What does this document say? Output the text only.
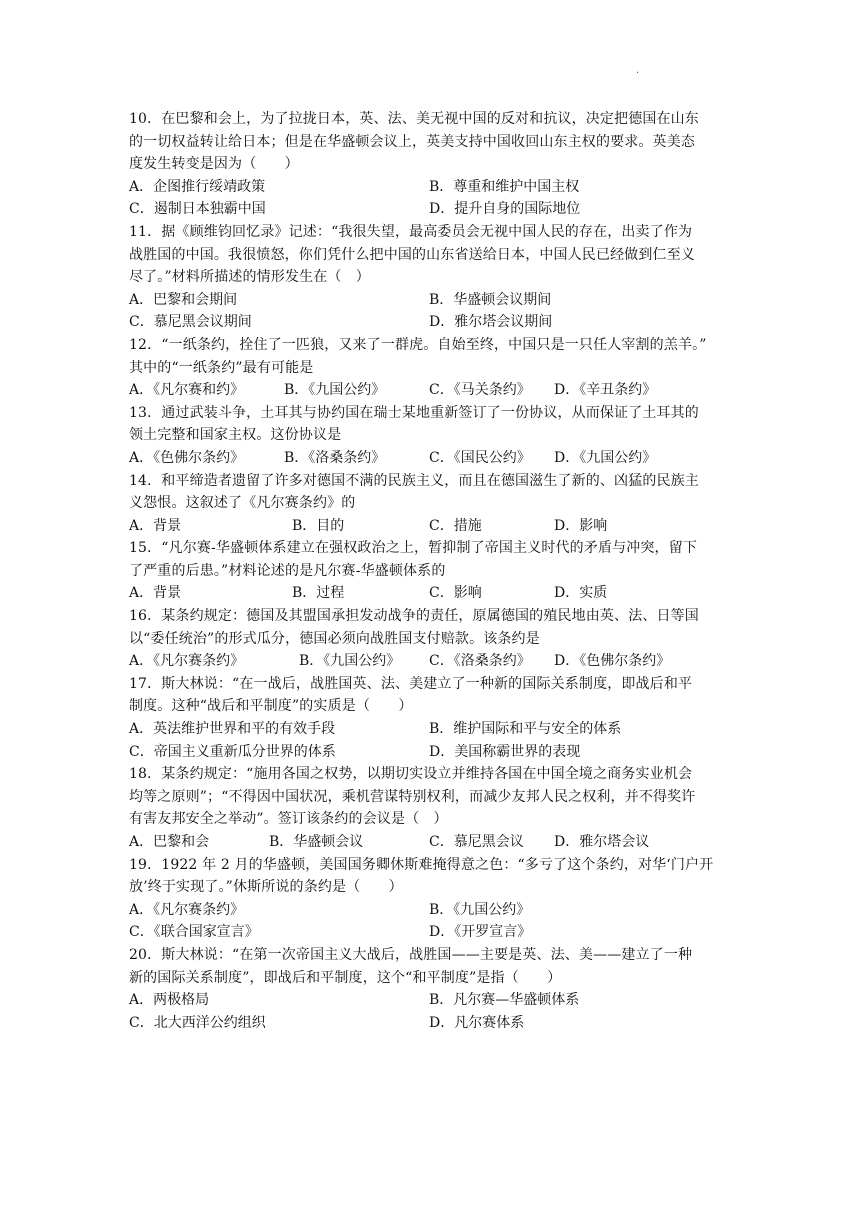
·
10．在巴黎和会上，为了拉拢日本，英、法、美无视中国的反对和抗议，决定把德国在山东
的一切权益转让给日本；但是在华盛顿会议上，英美支持中国收回山东主权的要求。英美态
度发生转变是因为（　　）
A．企图推行绥靖政策	B．尊重和维护中国主权
C．遏制日本独霸中国	D．提升自身的国际地位
11．据《顾维钧回忆录》记述：“我很失望，最高委员会无视中国人民的存在，出卖了作为
战胜国的中国。我很愤怒，你们凭什么把中国的山东省送给日本，中国人民已经做到仁至义
尽了。”材料所描述的情形发生在（　）
A．巴黎和会期间	B．华盛顿会议期间
C．慕尼黑会议期间	D．雅尔塔会议期间
12．“一纸条约，拴住了一匹狼，又来了一群虎。自始至终，中国只是一只任人宰割的羔羊。”
其中的“一纸条约”最有可能是
A．《凡尔赛和约》	B．《九国公约》	C．《马关条约》	D．《辛丑条约》
13．通过武装斗争，土耳其与协约国在瑞士某地重新签订了一份协议，从而保证了土耳其的
领土完整和国家主权。这份协议是
A．《色佛尔条约》	B．《洛桑条约》	C．《国民公约》	D．《九国公约》
14．和平缔造者遗留了许多对德国不满的民族主义，而且在德国滋生了新的、凶猛的民族主
义怨恨。这叙述了《凡尔赛条约》的
A．背景	B．目的	C．措施	D．影响
15．“凡尔赛-华盛顿体系建立在强权政治之上，暂抑制了帝国主义时代的矛盾与冲突，留下
了严重的后患。”材料论述的是凡尔赛-华盛顿体系的
A．背景	B．过程	C．影响	D．实质
16．某条约规定：德国及其盟国承担发动战争的责任，原属德国的殖民地由英、法、日等国
以“委任统治”的形式瓜分，德国必须向战胜国支付赔款。该条约是
A．《凡尔赛条约》	B．《九国公约》	C．《洛桑条约》	D．《色佛尔条约》
17．斯大林说：“在一战后，战胜国英、法、美建立了一种新的国际关系制度，即战后和平
制度。这种“战后和平制度”的实质是（　　）
A．英法维护世界和平的有效手段	B．维护国际和平与安全的体系
C．帝国主义重新瓜分世界的体系	D．美国称霸世界的表现
18．某条约规定：“施用各国之权势，以期切实设立并维持各国在中国全境之商务实业机会
均等之原则”；“不得因中国状况，乘机营谋特别权利，而减少友邦人民之权利，并不得奖许
有害友邦安全之举动”。签订该条约的会议是（　）
A．巴黎和会	B．华盛顿会议	C．慕尼黑会议	D．雅尔塔会议
19．1922 年 2 月的华盛顿，美国国务卿休斯难掩得意之色：“多亏了这个条约，对华‘门户开
放’终于实现了。”休斯所说的条约是（　　）
A．《凡尔赛条约》	B．《九国公约》
C．《联合国家宣言》	D．《开罗宣言》
20．斯大林说：“在第一次帝国主义大战后，战胜国——主要是英、法、美——建立了一种
新的国际关系制度”，即战后和平制度，这个“和平制度”是指（　　）
A．两极格局	B．凡尔赛—华盛顿体系
C．北大西洋公约组织	D．凡尔赛体系
